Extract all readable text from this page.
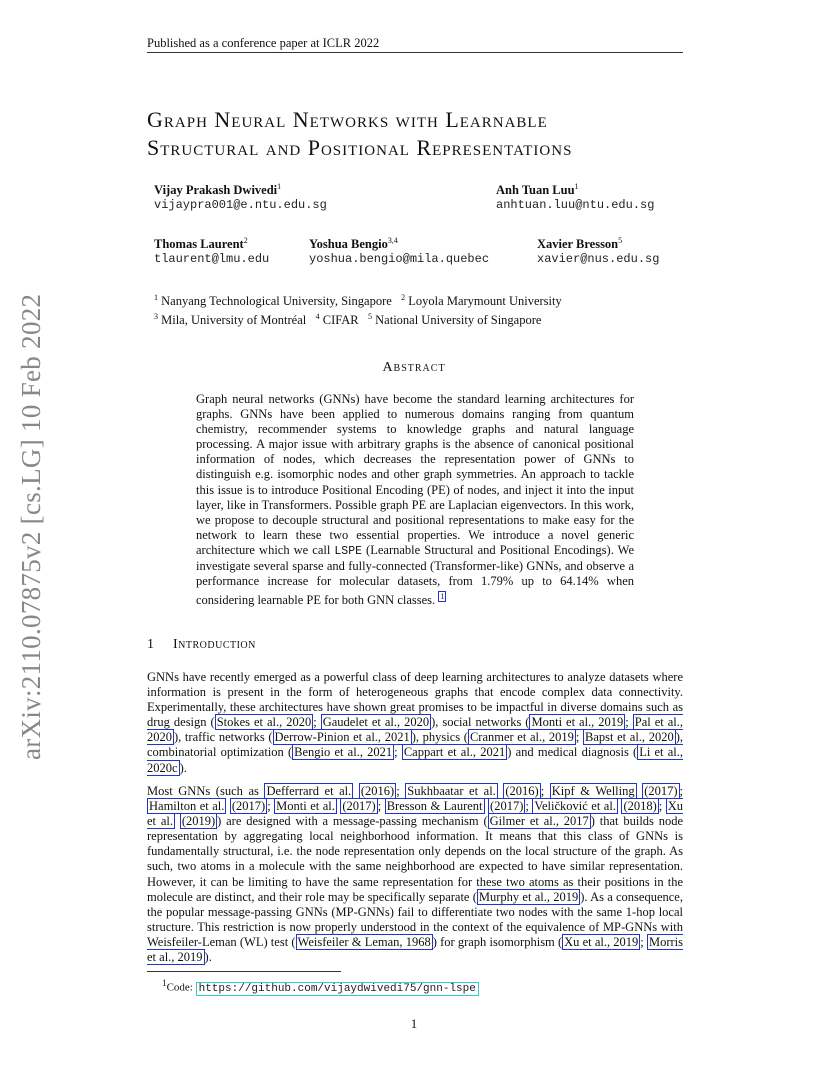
arXiv:2110.07875v2 [cs.LG] 10 Feb 2022
Published as a conference paper at ICLR 2022
Graph Neural Networks with Learnable
Structural and Positional Representations
Vijay Prakash Dwivedi$^1$
vijaypra001@e.ntu.edu.sg
Anh Tuan Luu$^1$
anhtuan.luu@ntu.edu.sg
Thomas Laurent$^2$
tlaurent@lmu.edu
Yoshua Bengio$^{3,4}$
yoshua.bengio@mila.quebec
Xavier Bresson$^5$
xavier@nus.edu.sg
$^1$ Nanyang Technological University, Singapore $^2$ Loyola Marymount University
$^3$ Mila, University of Montréal $^4$ CIFAR $^5$ National University of Singapore
Abstract
Graph neural networks (GNNs) have become the standard learning architectures for graphs. GNNs have been applied to numerous domains ranging from quantum chemistry, recommender systems to knowledge graphs and natural language processing. A major issue with arbitrary graphs is the absence of canonical positional information of nodes, which decreases the representation power of GNNs to distinguish e.g. isomorphic nodes and other graph symmetries. An approach to tackle this issue is to introduce Positional Encoding (PE) of nodes, and inject it into the input layer, like in Transformers. Possible graph PE are Laplacian eigenvectors. In this work, we propose to decouple structural and positional representations to make easy for the network to learn these two essential properties. We introduce a novel generic architecture which we call LSPE (Learnable Structural and Positional Encodings). We investigate several sparse and fully-connected (Transformer-like) GNNs, and observe a performance increase for molecular datasets, from 1.79% up to 64.14% when considering learnable PE for both GNN classes. $^1$
1 Introduction
GNNs have recently emerged as a powerful class of deep learning architectures to analyze datasets where information is present in the form of heterogeneous graphs that encode complex data connectivity. Experimentally, these architectures have shown great promises to be impactful in diverse domains such as drug design ( Stokes et al., 2020 ; Gaudelet et al., 2020 ), social networks ( Monti et al., 2019 ; Pal et al., 2020 ), traffic networks ( Derrow-Pinion et al., 2021 ), physics ( Cranmer et al., 2019 ; Bapst et al., 2020 ), combinatorial optimization ( Bengio et al., 2021 ; Cappart et al., 2021 ) and medical diagnosis ( Li et al., 2020c ).
Most GNNs (such as Defferrard et al. (2016) ; Sukhbaatar et al. (2016) ; Kipf & Welling (2017) ; Hamilton et al. (2017) ; Monti et al. (2017) ; Bresson & Laurent (2017) ; Veličković et al. (2018) ; Xu et al. (2019) ) are designed with a message-passing mechanism ( Gilmer et al., 2017 ) that builds node representation by aggregating local neighborhood information. It means that this class of GNNs is fundamentally structural, i.e. the node representation only depends on the local structure of the graph. As such, two atoms in a molecule with the same neighborhood are expected to have similar representation. However, it can be limiting to have the same representation for these two atoms as their positions in the molecule are distinct, and their role may be specifically separate ( Murphy et al., 2019 ). As a consequence, the popular message-passing GNNs (MP-GNNs) fail to differentiate two nodes with the same 1-hop local structure. This restriction is now properly understood in the context of the equivalence of MP-GNNs with Weisfeiler-Leman (WL) test ( Weisfeiler & Leman, 1968 ) for graph isomorphism ( Xu et al., 2019 ; Morris et al., 2019 ).
$^1$Code: https://github.com/vijaydwivedi75/gnn-lspe
1
